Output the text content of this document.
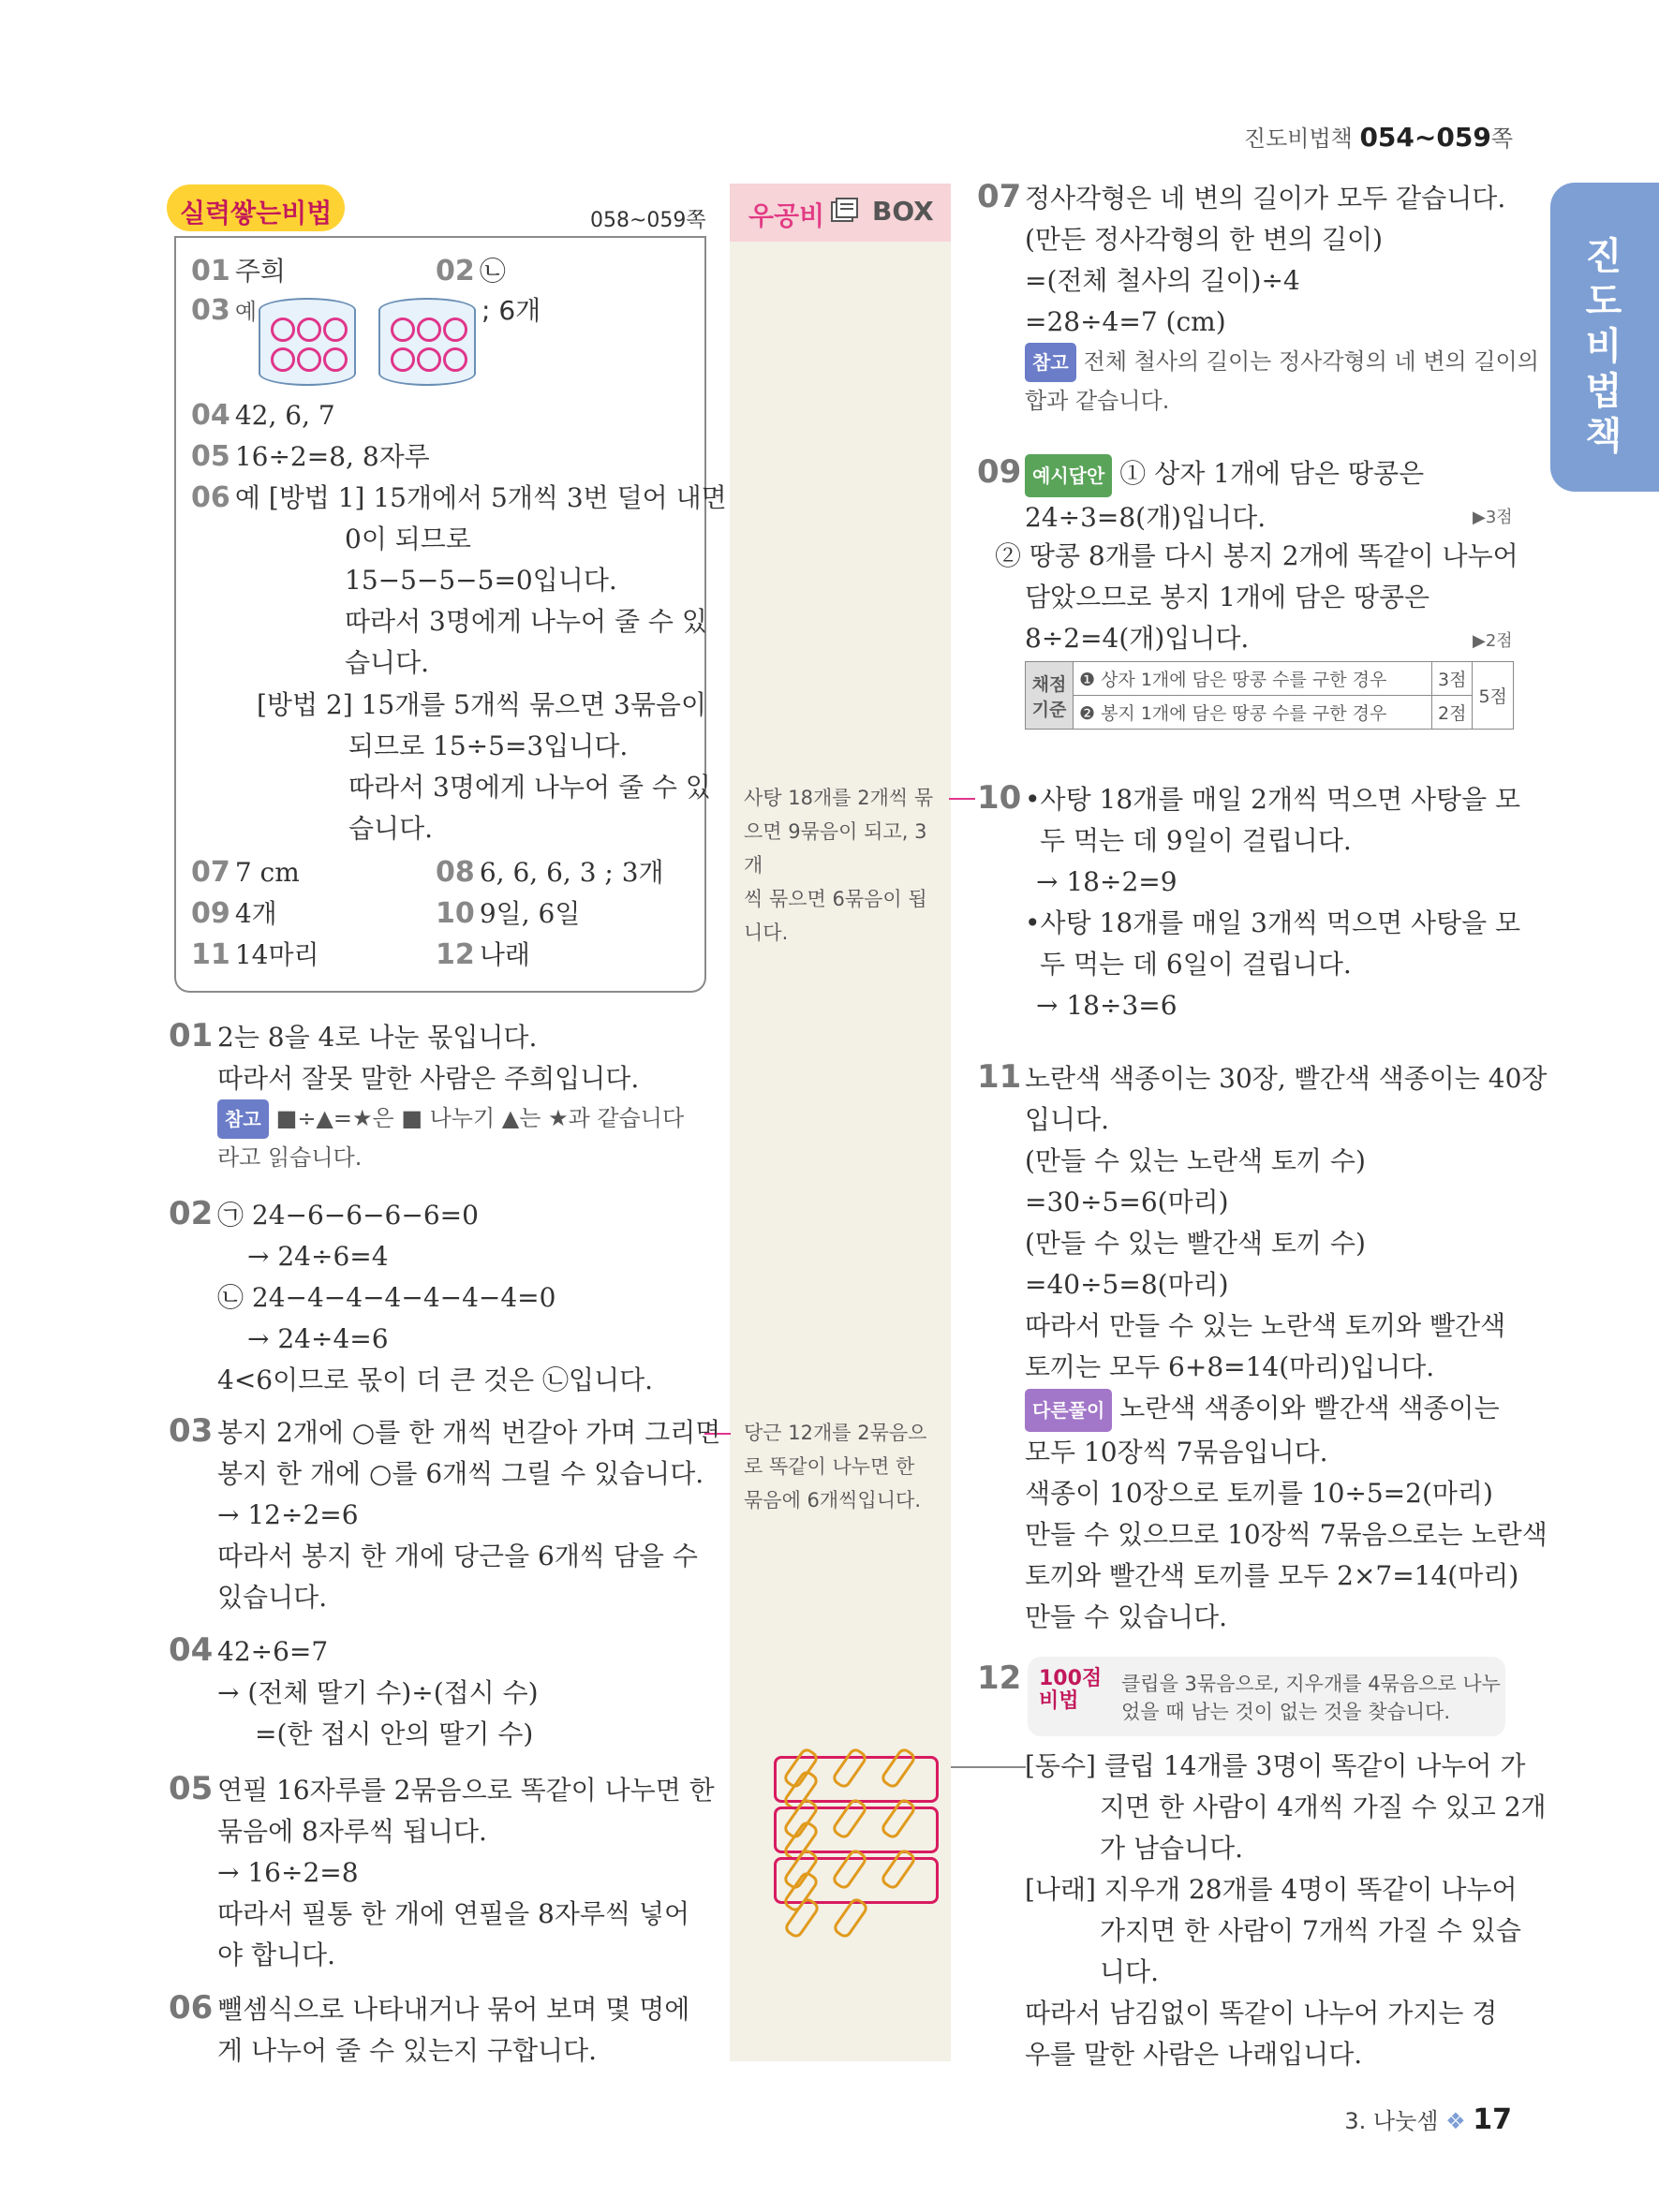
진도비법책 054~059쪽
진
도
비
법
책
우공비 BOX
사탕 18개를 2개씩 묶
으면 9묶음이 되고, 3개
씩 묶으면 6묶음이 됩
니다.
당근 12개를 2묶음으
로 똑같이 나누면 한
묶음에 6개씩입니다.
실력쌓는비법	058~059쪽
01 주희	02 ㉡
03 예	; 6개
04 42, 6, 7
05 16÷2=8, 8자루
06 예 [방법 1] 15개에서 5개씩 3번 덜어 내면
0이 되므로
15−5−5−5=0입니다.
따라서 3명에게 나누어 줄 수 있
습니다.
[방법 2] 15개를 5개씩 묶으면 3묶음이
되므로 15÷5=3입니다.
따라서 3명에게 나누어 줄 수 있
습니다.
07 7 cm	08 6, 6, 6, 3 ; 3개
09 4개	10 9일, 6일
11 14마리	12 나래
01 2는 8을 4로 나눈 몫입니다.
따라서 잘못 말한 사람은 주희입니다.
참고 ■÷▲=★은 ■ 나누기 ▲는 ★과 같습니다
라고 읽습니다.
02 ㉠ 24−6−6−6−6=0
→ 24÷6=4
㉡ 24−4−4−4−4−4−4=0
→ 24÷4=6
4<6이므로 몫이 더 큰 것은 ㉡입니다.
03 봉지 2개에 ○를 한 개씩 번갈아 가며 그리면
봉지 한 개에 ○를 6개씩 그릴 수 있습니다.
→ 12÷2=6
따라서 봉지 한 개에 당근을 6개씩 담을 수
있습니다.
04 42÷6=7
→ (전체 딸기 수)÷(접시 수)
=(한 접시 안의 딸기 수)
05 연필 16자루를 2묶음으로 똑같이 나누면 한
묶음에 8자루씩 됩니다.
→ 16÷2=8
따라서 필통 한 개에 연필을 8자루씩 넣어
야 합니다.
06 뺄셈식으로 나타내거나 묶어 보며 몇 명에
게 나누어 줄 수 있는지 구합니다.
07 정사각형은 네 변의 길이가 모두 같습니다.
(만든 정사각형의 한 변의 길이)
=(전체 철사의 길이)÷4
=28÷4=7 (cm)
참고 전체 철사의 길이는 정사각형의 네 변의 길이의
합과 같습니다.
09 예시답안 ① 상자 1개에 담은 땅콩은
24÷3=8(개)입니다.	▶3점
② 땅콩 8개를 다시 봉지 2개에 똑같이 나누어
담았으므로 봉지 1개에 담은 땅콩은
8÷2=4(개)입니다.	▶2점
채점 기준	❶ 상자 1개에 담은 땅콩 수를 구한 경우	3점	5점
	❷ 봉지 1개에 담은 땅콩 수를 구한 경우	2점	
10 •사탕 18개를 매일 2개씩 먹으면 사탕을 모
두 먹는 데 9일이 걸립니다.
→ 18÷2=9
•사탕 18개를 매일 3개씩 먹으면 사탕을 모
두 먹는 데 6일이 걸립니다.
→ 18÷3=6
11 노란색 색종이는 30장, 빨간색 색종이는 40장
입니다.
(만들 수 있는 노란색 토끼 수)
=30÷5=6(마리)
(만들 수 있는 빨간색 토끼 수)
=40÷5=8(마리)
따라서 만들 수 있는 노란색 토끼와 빨간색
토끼는 모두 6+8=14(마리)입니다.
다른풀이 노란색 색종이와 빨간색 색종이는
모두 10장씩 7묶음입니다.
색종이 10장으로 토끼를 10÷5=2(마리)
만들 수 있으므로 10장씩 7묶음으로는 노란색
토끼와 빨간색 토끼를 모두 2×7=14(마리)
만들 수 있습니다.
12 100점
비법
클립을 3묶음으로, 지우개를 4묶음으로 나누
었을 때 남는 것이 없는 것을 찾습니다.
[동수] 클립 14개를 3명이 똑같이 나누어 가
지면 한 사람이 4개씩 가질 수 있고 2개
가 남습니다.
[나래] 지우개 28개를 4명이 똑같이 나누어
가지면 한 사람이 7개씩 가질 수 있습
니다.
따라서 남김없이 똑같이 나누어 가지는 경
우를 말한 사람은 나래입니다.
3. 나눗셈 ❖ 17
